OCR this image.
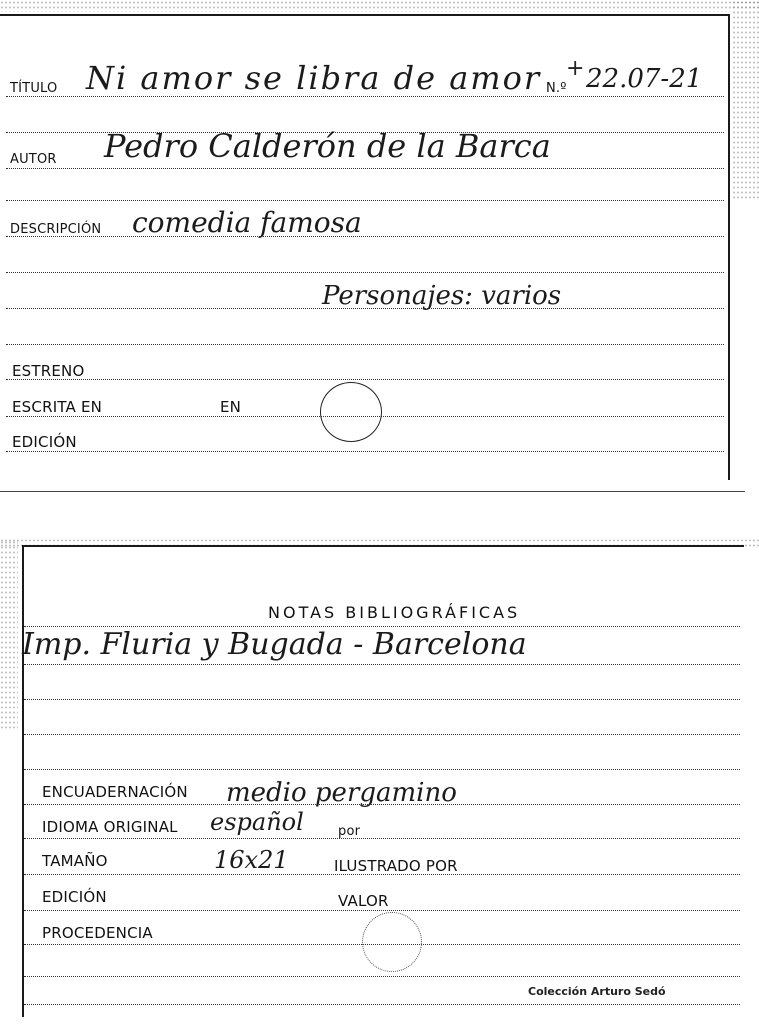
TÍTULO Ni amor se libra de amor N.º
+ 22.07-21
AUTOR Pedro Calderón de la Barca
DESCRIPCIÓN comedia famosa
Personajes: varios
ESTRENO
ESCRITA EN	EN
EDICIÓN
NOTAS BIBLIOGRÁFICAS
Imp. Fluria y Bugada - Barcelona
ENCUADERNACIÓN medio pergamino
IDIOMA ORIGINAL español	por
TAMAÑO	16x21	ILUSTRADO POR
EDICIÓN	VALOR
PROCEDENCIA
Colección Arturo Sedó
